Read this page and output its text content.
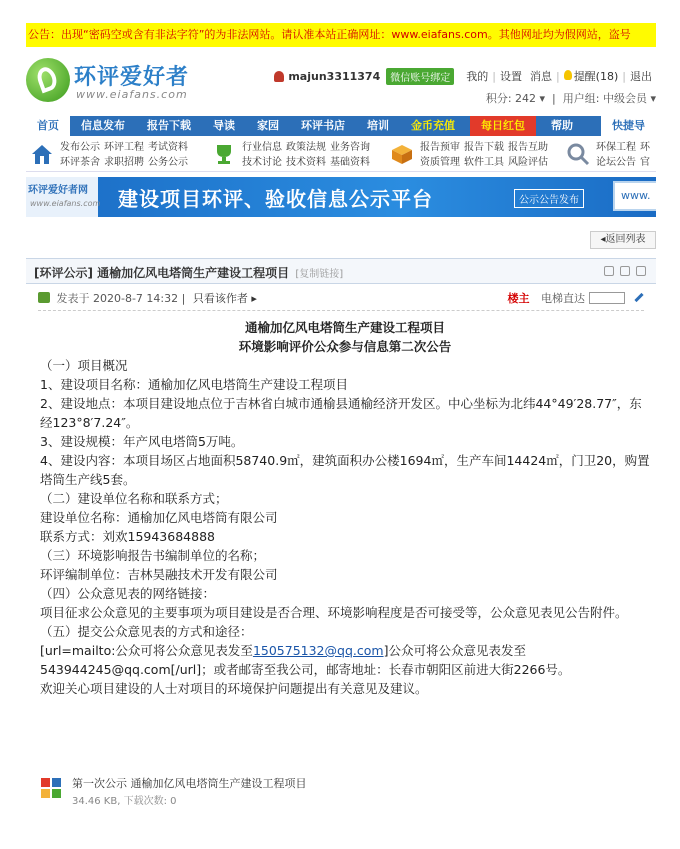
公告：出现“密码空或含有非法字符”的为非法网站。请认准本站正确网址：www.eiafans.com。其他网址均为假网站，盗号
环评爱好者
www.eiafans.com
majun3311374	微信账号绑定	我的 | 设置 消息 |	提醒(18) | 退出
积分: 242 ▾  |  用户组: 中级会员 ▾
首页	信息发布	报告下载	导读	家园	环评书店	培训	金币充值	每日红包	帮助	快捷导
发布公示 环评工程 考试资料
环评茶舍 求职招聘 公务公示
行业信息 政策法规 业务咨询
技术讨论 技术资料 基础资料
报告预审 报告下载 报告互助
资质管理 软件工具 风险评估
环保工程 环
论坛公告 官
环评爱好者网
www.eiafans.com 建设项目环评、验收信息公示平台	公示公告发布	www.
◂返回列表
[环评公示] 通榆加亿风电塔筒生产建设工程项目 [复制链接]
发表于 2020-8-7 14:32 | 只看该作者 ▸	楼主 电梯直达

通榆加亿风电塔筒生产建设工程项目

环境影响评价公众参与信息第二次公告

（一）项目概况

1、建设项目名称：通榆加亿风电塔筒生产建设工程项目

2、建设地点：本项目建设地点位于吉林省白城市通榆县通榆经济开发区。中心坐标为北纬44°49′28.77″，东经123°8′7.24″。

3、建设规模：年产风电塔筒5万吨。

4、建设内容：本项目场区占地面积58740.9㎡，建筑面积办公楼1694㎡，生产车间14424㎡，门卫20，购置塔筒生产线5套。

（二）建设单位名称和联系方式；

建设单位名称：通榆加亿风电塔筒有限公司

联系方式：刘欢15943684888

（三）环境影响报告书编制单位的名称；

环评编制单位：吉林昊融技术开发有限公司

（四）公众意见表的网络链接：

项目征求公众意见的主要事项为项目建设是否合理、环境影响程度是否可接受等，公众意见表见公告附件。

（五）提交公众意见表的方式和途径：

[url=mailto:公众可将公众意见表发至150575132@qq.com]公众可将公众意见表发至543944245@qq.com[/url]；或者邮寄至我公司，邮寄地址：长春市朝阳区前进大街2266号。

欢迎关心项目建设的人士对项目的环境保护问题提出有关意见及建议。

第一次公示 通榆加亿风电塔筒生产建设工程项目
34.46 KB, 下载次数: 0
